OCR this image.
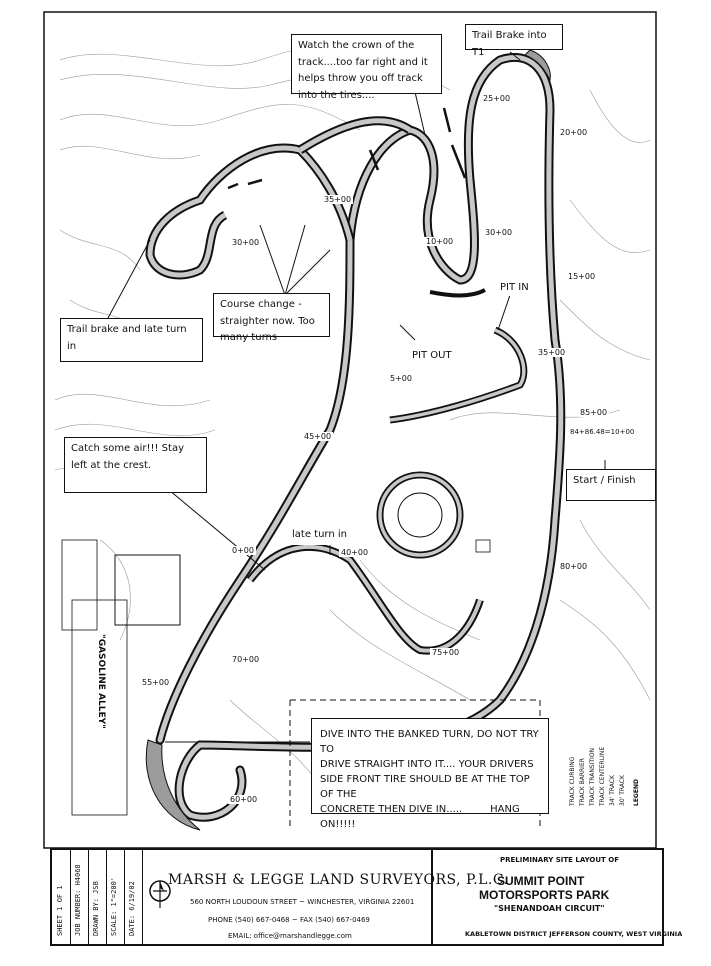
25+00
20+00
15+00
10+00
30+00
35+00
5+00
0+00
85+00
80+00
75+00
60+00
70+00
55+00
40+00
45+00
30+00
35+00
84+86.48=10+00
"GASOLINE ALLEY"
Watch the crown of the track....too far right and it helps throw you off track into the tires....
Trail Brake into T1
Course change - straighter now. Too many turns
Trail brake and late turn in
Catch some air!!! Stay left at the crest.
Start / Finish
late turn in
PIT IN
PIT OUT
DIVE INTO THE BANKED TURN, DO NOT TRY TO
DRIVE STRAIGHT INTO IT.... YOUR DRIVERS
SIDE FRONT TIRE SHOULD BE AT THE TOP OF THE
CONCRETE THEN DIVE IN.....	HANG ON!!!!!
LEGEND
30' TRACK
34' TRACK
TRACK CENTERLINE
TRACK TRANSITION
TRACK BARRIER
TRACK CURBING
SHEET 1 OF 1 JOB NUMBER: H4068 DRAWN BY: JSB SCALE: 1"=200' DATE: 6/19/02
MARSH & LEGGE LAND SURVEYORS, P.L.C.
560 NORTH LOUDOUN STREET ~ WINCHESTER, VIRGINIA 22601
PHONE (540) 667-0468 ~ FAX (540) 667-0469
EMAIL: office@marshandlegge.com
PRELIMINARY SITE LAYOUT OF
SUMMIT POINT
MOTORSPORTS PARK
"SHENANDOAH CIRCUIT"
KABLETOWN DISTRICT JEFFERSON COUNTY, WEST VIRGINIA
